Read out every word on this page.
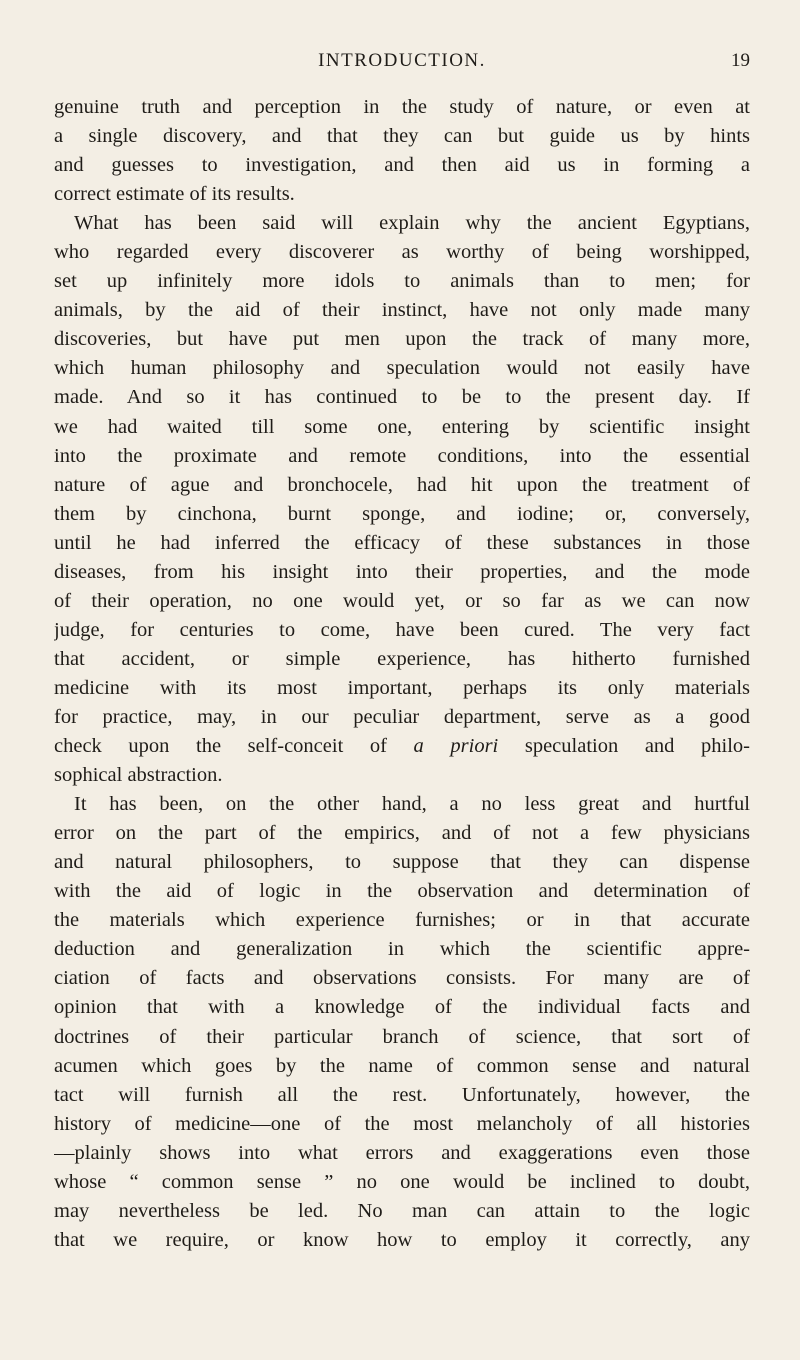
INTRODUCTION.	19
genuine truth and perception in the study of nature, or even at
a single discovery, and that they can but guide us by hints
and guesses to investigation, and then aid us in forming a
correct estimate of its results.
What has been said will explain why the ancient Egyptians,
who regarded every discoverer as worthy of being worshipped,
set up infinitely more idols to animals than to men; for
animals, by the aid of their instinct, have not only made many
discoveries, but have put men upon the track of many more,
which human philosophy and speculation would not easily have
made. And so it has continued to be to the present day. If
we had waited till some one, entering by scientific insight
into the proximate and remote conditions, into the essential
nature of ague and bronchocele, had hit upon the treatment of
them by cinchona, burnt sponge, and iodine; or, conversely,
until he had inferred the efficacy of these substances in those
diseases, from his insight into their properties, and the mode
of their operation, no one would yet, or so far as we can now
judge, for centuries to come, have been cured. The very fact
that accident, or simple experience, has hitherto furnished
medicine with its most important, perhaps its only materials
for practice, may, in our peculiar department, serve as a good
check upon the self-conceit of a priori speculation and philo-
sophical abstraction.
It has been, on the other hand, a no less great and hurtful
error on the part of the empirics, and of not a few physicians
and natural philosophers, to suppose that they can dispense
with the aid of logic in the observation and determination of
the materials which experience furnishes; or in that accurate
deduction and generalization in which the scientific appre-
ciation of facts and observations consists. For many are of
opinion that with a knowledge of the individual facts and
doctrines of their particular branch of science, that sort of
acumen which goes by the name of common sense and natural
tact will furnish all the rest. Unfortunately, however, the
history of medicine—one of the most melancholy of all histories
—plainly shows into what errors and exaggerations even those
whose “ common sense ” no one would be inclined to doubt,
may nevertheless be led. No man can attain to the logic
that we require, or know how to employ it correctly, any
